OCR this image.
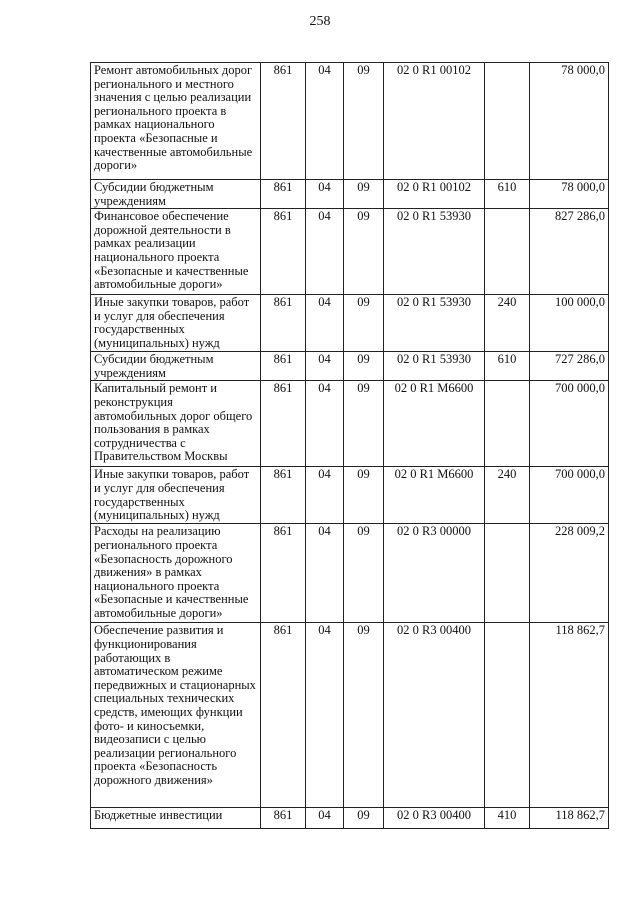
258
Ремонт автомобильных дорог регионального и местного значения с целью реализации регионального проекта в рамках национального проекта «Безопасные и качественные автомобильные дороги»	861	04	09	02 0 R1 00102		78 000,0
Субсидии бюджетным учреждениям	861	04	09	02 0 R1 00102	610	78 000,0
Финансовое обеспечение дорожной деятельности в рамках реализации национального проекта «Безопасные и качественные автомобильные дороги»	861	04	09	02 0 R1 53930		827 286,0
Иные закупки товаров, работ и услуг для обеспечения государственных (муниципальных) нужд	861	04	09	02 0 R1 53930	240	100 000,0
Субсидии бюджетным учреждениям	861	04	09	02 0 R1 53930	610	727 286,0
Капитальный ремонт и реконструкция автомобильных дорог общего пользования в рамках сотрудничества с Правительством Москвы	861	04	09	02 0 R1 M6600		700 000,0
Иные закупки товаров, работ и услуг для обеспечения государственных (муниципальных) нужд	861	04	09	02 0 R1 M6600	240	700 000,0
Расходы на реализацию регионального проекта «Безопасность дорожного движения» в рамках национального проекта «Безопасные и качественные автомобильные дороги»	861	04	09	02 0 R3 00000		228 009,2
Обеспечение развития и функционирования работающих в автоматическом режиме передвижных и стационарных специальных технических средств, имеющих функции фото- и киносъемки, видеозаписи с целью реализации регионального проекта «Безопасность дорожного движения»	861	04	09	02 0 R3 00400		118 862,7
Бюджетные инвестиции	861	04	09	02 0 R3 00400	410	118 862,7
